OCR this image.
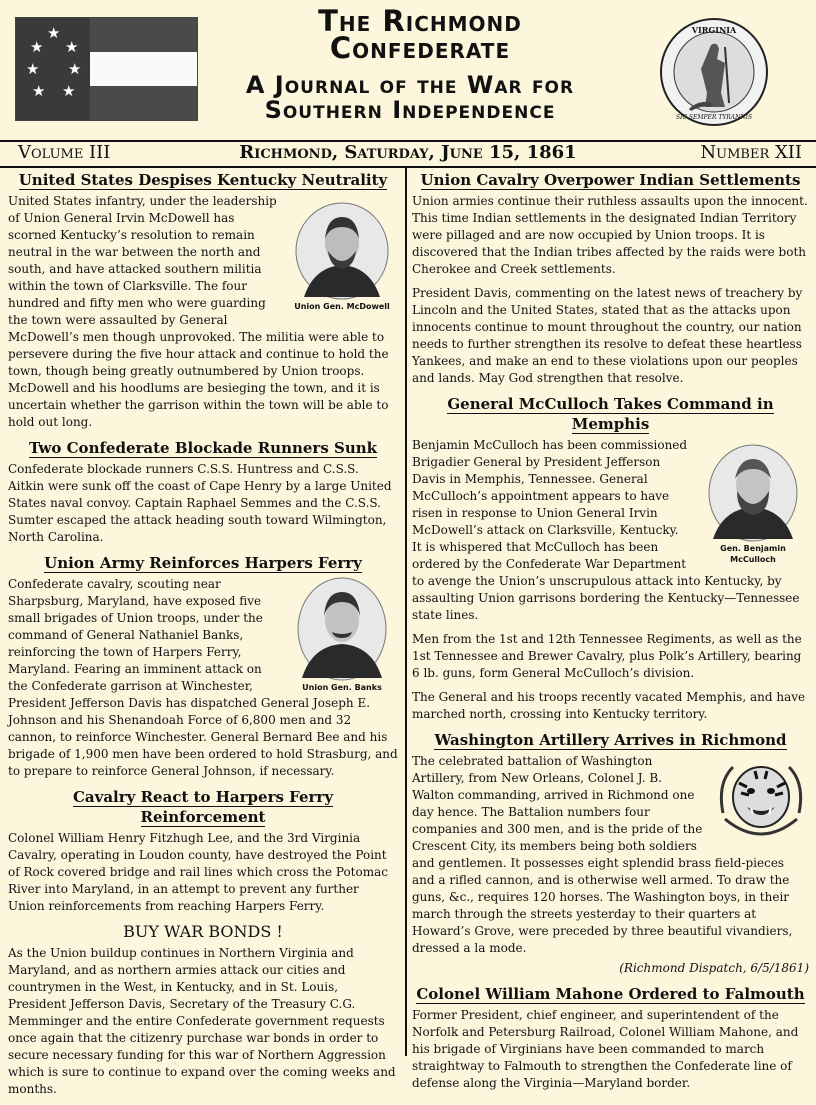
★
★ ★
★ ★
★ ★
The Richmond
Confederate
A Journal of the War for
Southern Independence
VIRGINIA
SIC SEMPER TYRANNIS
Volume III	Richmond, Saturday, June 15, 1861	Number XII
United States Despises Kentucky Neutrality
Union Gen. McDowell

United States infantry, under the leadership of Union General Irvin McDowell has scorned Kentucky’s resolution to remain neutral in the war between the north and south, and have attacked southern militia within the town of Clarksville. The four hundred and fifty men who were guarding the town were assaulted by General McDowell’s men though unprovoked. The militia were able to persevere during the five hour attack and continue to hold the town, though being greatly outnumbered by Union troops. McDowell and his hoodlums are besieging the town, and it is uncertain whether the garrison within the town will be able to hold out long.

Two Confederate Blockade Runners Sunk

Confederate blockade runners C.S.S. Huntress and C.S.S. Aitkin were sunk off the coast of Cape Henry by a large United States naval convoy. Captain Raphael Semmes and the C.S.S. Sumter escaped the attack heading south toward Wilmington, North Carolina.

Union Army Reinforces Harpers Ferry
Union Gen. Banks

Confederate cavalry, scouting near Sharpsburg, Maryland, have exposed five small brigades of Union troops, under the command of General Nathaniel Banks, reinforcing the town of Harpers Ferry, Maryland. Fearing an imminent attack on the Confederate garrison at Winchester, President Jefferson Davis has dispatched General Joseph E. Johnson and his Shenandoah Force of 6,800 men and 32 cannon, to reinforce Winchester. General Bernard Bee and his brigade of 1,900 men have been ordered to hold Strasburg, and to prepare to reinforce General Johnson, if necessary.

Cavalry React to Harpers Ferry Reinforcement

Colonel William Henry Fitzhugh Lee, and the 3rd Virginia Cavalry, operating in Loudon county, have destroyed the Point of Rock covered bridge and rail lines which cross the Potomac River into Maryland, in an attempt to prevent any further Union reinforcements from reaching Harpers Ferry.

BUY WAR BONDS !

As the Union buildup continues in Northern Virginia and Maryland, and as northern armies attack our cities and countrymen in the West, in Kentucky, and in St. Louis, President Jefferson Davis, Secretary of the Treasury C.G. Memminger and the entire Confederate government requests once again that the citizenry purchase war bonds in order to secure necessary funding for this war of Northern Aggression which is sure to continue to expand over the coming weeks and months.

Union Cavalry Overpower Indian Settlements

Union armies continue their ruthless assaults upon the innocent. This time Indian settlements in the designated Indian Territory were pillaged and are now occupied by Union troops. It is discovered that the Indian tribes affected by the raids were both Cherokee and Creek settlements.

President Davis, commenting on the latest news of treachery by Lincoln and the United States, stated that as the attacks upon innocents continue to mount throughout the country, our nation needs to further strengthen its resolve to defeat these heartless Yankees, and make an end to these violations upon our peoples and lands. May God strengthen that resolve.

General McCulloch Takes Command in Memphis
Gen. Benjamin McCulloch

Benjamin McCulloch has been commissioned Brigadier General by President Jefferson Davis in Memphis, Tennessee. General McCulloch’s appointment appears to have risen in response to Union General Irvin McDowell’s attack on Clarksville, Kentucky. It is whispered that McCulloch has been ordered by the Confederate War Department to avenge the Union’s unscrupulous attack into Kentucky, by assaulting Union garrisons bordering the Kentucky—Tennessee state lines.

Men from the 1st and 12th Tennessee Regiments, as well as the 1st Tennessee and Brewer Cavalry, plus Polk’s Artillery, bearing 6 lb. guns, form General McCulloch’s division.

The General and his troops recently vacated Memphis, and have marched north, crossing into Kentucky territory.

Washington Artillery Arrives in Richmond

The celebrated battalion of Washington Artillery, from New Orleans, Colonel J. B. Walton commanding, arrived in Richmond one day hence. The Battalion numbers four companies and 300 men, and is the pride of the Crescent City, its members being both soldiers and gentlemen. It possesses eight splendid brass field-pieces and a rifled cannon, and is otherwise well armed. To draw the guns, &c., requires 120 horses. The Washington boys, in their march through the streets yesterday to their quarters at Howard’s Grove, were preceded by three beautiful vivandiers, dressed a la mode.

(Richmond Dispatch, 6/5/1861)

Colonel William Mahone Ordered to Falmouth

Former President, chief engineer, and superintendent of the Norfolk and Petersburg Railroad, Colonel William Mahone, and his brigade of Virginians have been commanded to march straightway to Falmouth to strengthen the Confederate line of defense along the Virginia—Maryland border.
